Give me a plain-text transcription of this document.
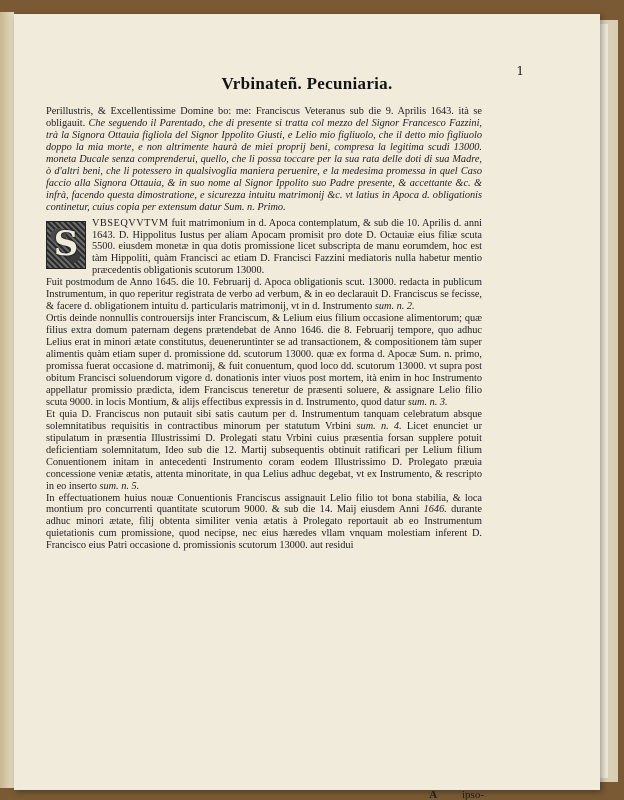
1
Vrbinateñ. Pecuniaria.

Perillustris, & Excellentissime Domine bo: me: Franciscus Veteranus sub die 9. Aprilis 1643. ità se obligauit. Che seguendo il Parentado, che di presente si tratta col mezzo del Signor Francesco Fazzini, trà la Signora Ottauia figliola del Signor Ippolito Giusti, e Lelio mio figliuolo, che il detto mio figliuolo doppo la mia morte, e non altrimente haurà de miei proprij beni, compresa la legitima scudi 13000. moneta Ducale senza comprenderui, quello, che li possa toccare per la sua rata delle doti di sua Madre, ò d'altri beni, che li potessero in qualsivoglia maniera peruenire, e la medesima promessa in quel Caso faccio alla Signora Ottauia, & in suo nome al Signor Ippolito suo Padre presente, & accettante &c. & infrà, facendo questa dimostratione, e sicurezza intuitu matrimonij &c. vt latius in Apoca d. obligationis continetur, cuius copia per extensum datur Sum. n. Primo.

S
VBSEQVVTVM fuit matrimonium in d. Apoca contemplatum, & sub die 10. Aprilis d. anni 1643. D. Hippolitus Iustus per aliam Apocam promisit pro dote D. Octauiæ eius filiæ scuta 5500. eiusdem monetæ in qua dotis promissione licet subscripta de manu eorumdem, hoc est tàm Hippoliti, quàm Francisci ac etiam D. Francisci Fazzini mediatoris nulla habetur mentio præcedentis obligationis scutorum 13000.

Fuit postmodum de Anno 1645. die 10. Februarij d. Apoca obligationis scut. 13000. redacta in publicum Instrumentum, in quo reperitur registrata de verbo ad verbum, & in eo declarauit D. Franciscus se fecisse, & facere d. obligationem intuitu d. particularis matrimonij, vt in d. Instrumento sum. n. 2.

Ortis deinde nonnullis controuersijs inter Franciscum, & Lelium eius filium occasione alimentorum; quæ filius extra domum paternam degens prætendebat de Anno 1646. die 8. Februarij tempore, quo adhuc Lelius erat in minori ætate constitutus, deueneruntinter se ad transactionem, & compositionem tàm super alimentis quàm etiam super d. promissione dd. scutorum 13000. quæ ex forma d. Apocæ Sum. n. primo, promissa fuerat occasione d. matrimonij, & fuit conuentum, quod loco dd. scutorum 13000. vt supra post obitum Francisci soluendorum vigore d. donationis inter viuos post mortem, ità enim in hoc Instrumento appellatur promissio prædicta, idem Franciscus teneretur de præsenti soluere, & assignare Lelio filio scuta 9000. in locis Montium, & alijs effectibus expressis in d. Instrumento, quod datur sum. n. 3.

Et quia D. Franciscus non putauit sibi satis cautum per d. Instrumentum tanquam celebratum absque solemnitatibus requisitis in contractibus minorum per statutum Vrbini sum. n. 4. Licet enunciet ur stipulatum in præsentia Illustrissimi D. Prolegati statu Vrbini cuius præsentia forsan supplere potuit deficientiam solemnitatum, Ideo sub die 12. Martij subsequentis obtinuit ratificari per Lelium filium Conuentionem initam in antecedenti Instrumento coram eodem Illustrissimo D. Prolegato præuia concessione veniæ ætatis, attenta minoritate, in qua Lelius adhuc degebat, vt ex Instrumento, & rescripto in eo inserto sum. n. 5.

In effectuationem huius nouæ Conuentionis Franciscus assignauit Lelio filio tot bona stabilia, & loca montium pro concurrenti quantitate scutorum 9000. & sub die 14. Maij eiusdem Anni 1646. durante adhuc minori ætate, filij obtenta similiter venia ætatis à Prolegato reportauit ab eo Instrumentum quietationis cum promissione, quod necipse, nec eius hæredes vllam vnquam molestiam inferent D. Francisco eius Patri occasione d. promissionis scutorum 13000. aut residui

A ipso-
